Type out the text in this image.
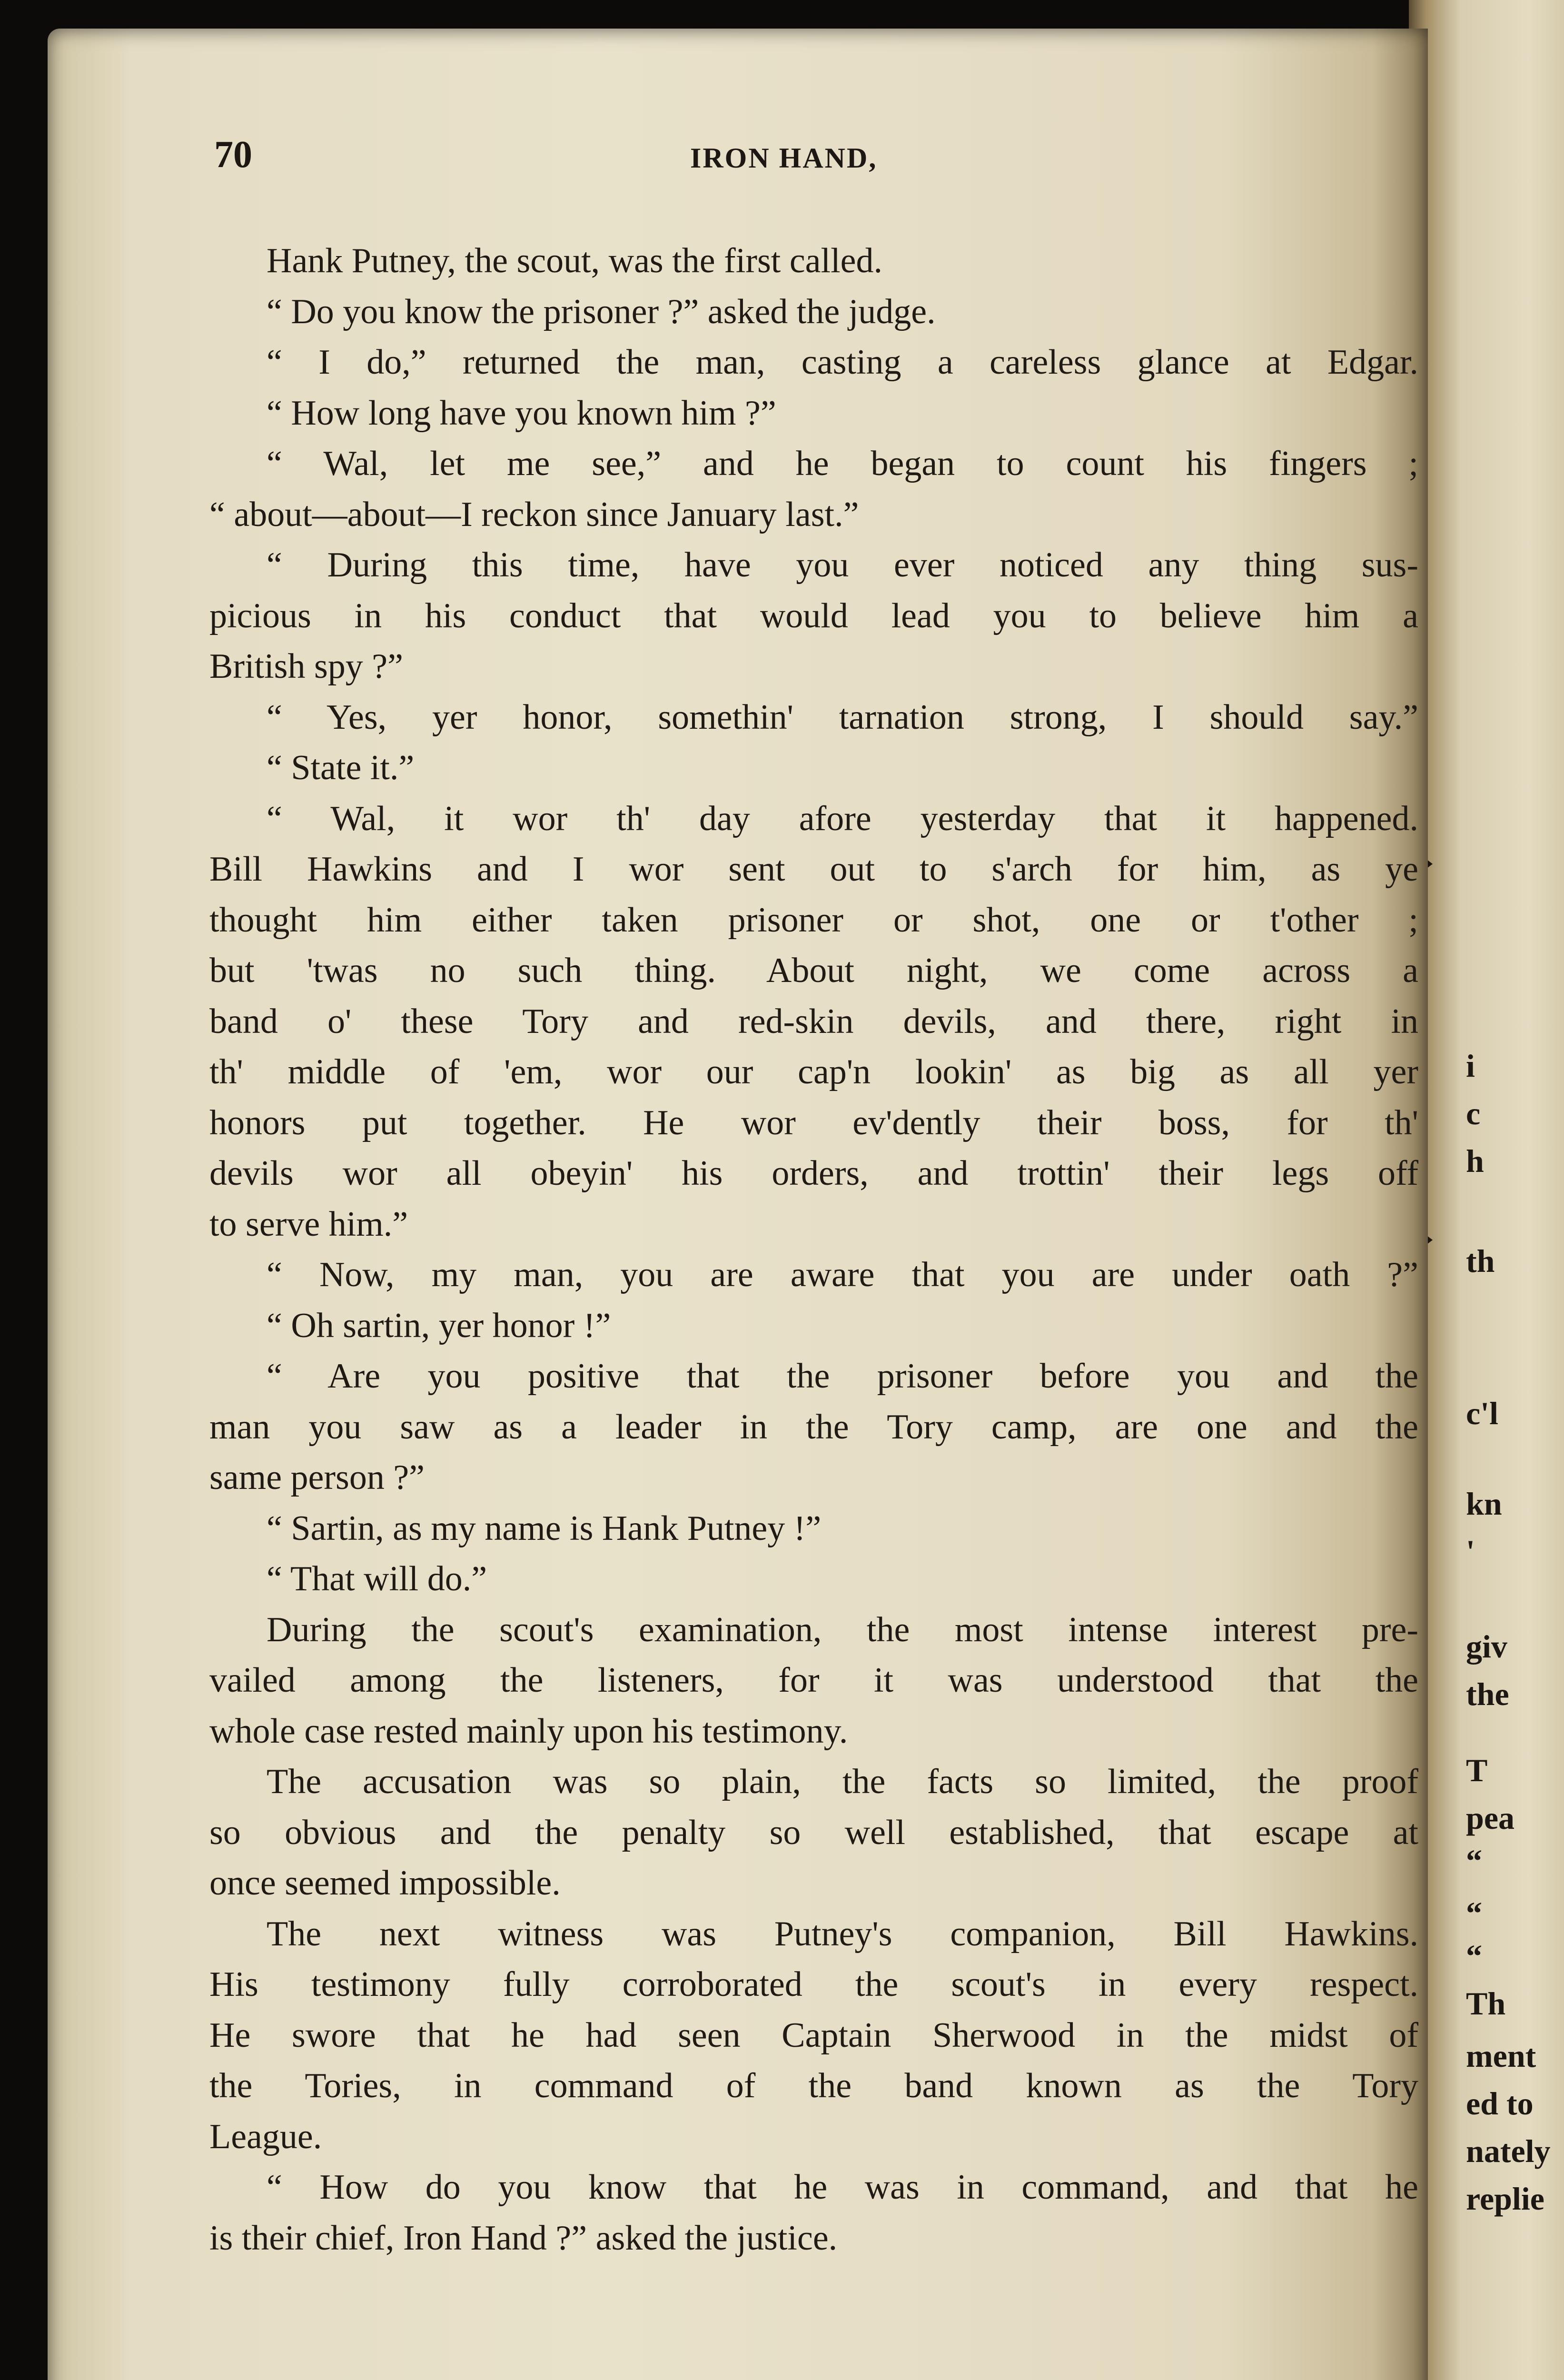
i
c
h
th
c'l
kn
'
giv
the
T
pea
“
“
“
Th
ment
ed to
nately
replie
70	IRON HAND,
Hank Putney, the scout, was the first called.
“ Do you know the prisoner ?” asked the judge.
“ I do,” returned the man, casting a careless glance at Edgar.
“ How long have you known him ?”
“ Wal, let me see,” and he began to count his fingers ;
“ about—about—I reckon since January last.”
“ During this time, have you ever noticed any thing sus-
picious in his conduct that would lead you to believe him a
British spy ?”
“ Yes, yer honor, somethin' tarnation strong, I should say.”
“ State it.”
“ Wal, it wor th' day afore yesterday that it happened.
Bill Hawkins and I wor sent out to s'arch for him, as ye
thought him either taken prisoner or shot, one or t'other ;
but 'twas no such thing. About night, we come across a
band o' these Tory and red-skin devils, and there, right in
th' middle of 'em, wor our cap'n lookin' as big as all yer
honors put together. He wor ev'dently their boss, for th'
devils wor all obeyin' his orders, and trottin' their legs off
to serve him.”
“ Now, my man, you are aware that you are under oath ?”
“ Oh sartin, yer honor !”
“ Are you positive that the prisoner before you and the
man you saw as a leader in the Tory camp, are one and the
same person ?”
“ Sartin, as my name is Hank Putney !”
“ That will do.”
During the scout's examination, the most intense interest pre-
vailed among the listeners, for it was understood that the
whole case rested mainly upon his testimony.
The accusation was so plain, the facts so limited, the proof
so obvious and the penalty so well established, that escape at
once seemed impossible.
The next witness was Putney's companion, Bill Hawkins.
His testimony fully corroborated the scout's in every respect.
He swore that he had seen Captain Sherwood in the midst of
the Tories, in command of the band known as the Tory
League.
“ How do you know that he was in command, and that he
is their chief, Iron Hand ?” asked the justice.
